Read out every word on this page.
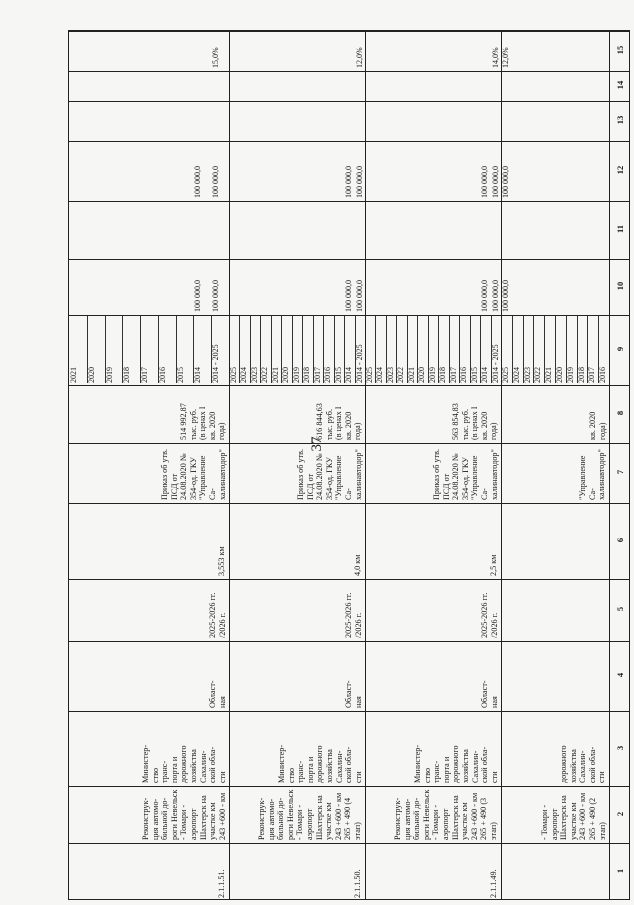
37
1
2
3
4
5
6
7
8
9
10
11
12
13
14
15
- Томари -
аэропорт
Шахтерск на
участке км
243 +600 - км
265 + 490 (2
этап)
дорожного
хозяйства
Сахалин-
ской обла-
сти
"Управление Са-
халинавтодор"
кв. 2020
года)
2016
2017
2018
2019
2020
2021
2022
2023
2024
2025
100 000,0
100 000,0
12,0%
2.1.1.49.
Реконструк-
ция автомо-
бильной до-
роги Невельск
- Томари -
аэропорт
Шахтерск на
участке км
243 +600 - км
265 + 490 (3
этап)
Министер-
ство
транс-
порта и
дорожного
хозяйства
Сахалин-
ской обла-
сти
Област-
ная
2025-2026 гг.
/2026 г.
2,5 км
Приказ об утв.
ПСД от
24.08.2020 №
354-од. ГКУ
"Управление Са-
халинавтодор"
563 854,83
тыс. руб.
(в ценах I
кв. 2020
года)
2014 - 2025
2014
2015
2016
2017
2018
2019
2020
2021
2022
2023
2024
2025
100 000,0
100 000,0
14,0%
100 000,0
100 000,0
2.1.1.50.
Реконструк-
ция автомо-
бильной до-
роги Невельск
- Томари -
аэропорт
Шахтерск на
участке км
243 +600 - км
265 + 490 (4
этап)
Министер-
ство
транс-
порта и
дорожного
хозяйства
Сахалин-
ской обла-
сти
Област-
ная
2025-2026 гг.
/2026 г.
4,0 км
Приказ об утв.
ПСД от
24.08.2020 №
354-од. ГКУ
"Управление Са-
халинавтодор"
616 844,63
тыс. руб.
(в ценах I
кв. 2020
года)
2014 - 2025
2014
2015
2016
2017
2018
2019
2020
2021
2022
2023
2024
2025
100 000,0
100 000,0
12,0%
100 000,0
100 000,0
2.1.1.51.
Реконструк-
ция автомо-
бильной до-
роги Невельск
- Томари -
аэропорт
Шахтерск на
участке км
243 +600 - км
Министер-
ство
транс-
порта и
дорожного
хозяйства
Сахалин-
ской обла-
сти
Област-
ная
2025-2026 гг.
/2026 г.
3,553 км
Приказ об утв.
ПСД от
24.08.2020 №
354-од. ГКУ
"Управление Са-
халинавтодор"
514 992,87
тыс. руб.
(в ценах I
кв. 2020
года)
2014 - 2025
2014
2015
2016
2017
2018
2019
2020
2021
100 000,0
100 000,0
15,0%
100 000,0
100 000,0
